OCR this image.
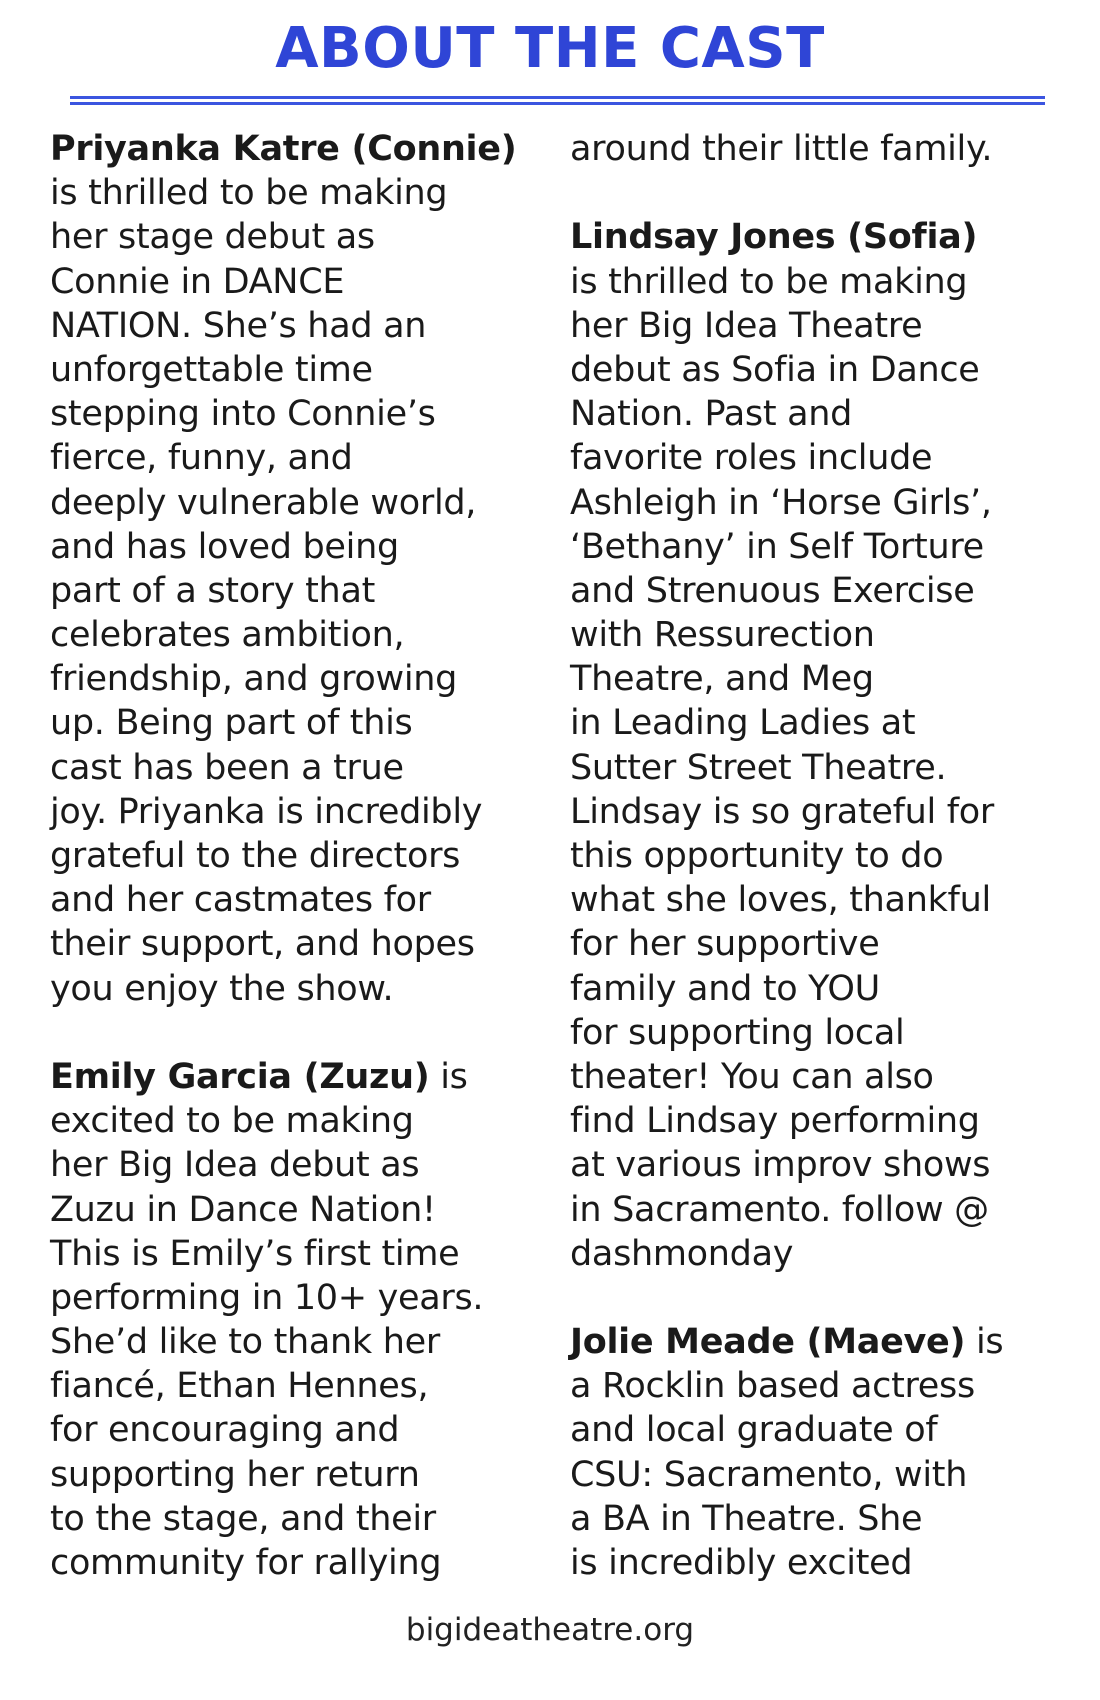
ABOUT THE CAST
Priyanka Katre (Connie)
is thrilled to be making
her stage debut as
Connie in DANCE
NATION. She’s had an
unforgettable time
stepping into Connie’s
fierce, funny, and
deeply vulnerable world,
and has loved being
part of a story that
celebrates ambition,
friendship, and growing
up. Being part of this
cast has been a true
joy. Priyanka is incredibly
grateful to the directors
and her castmates for
their support, and hopes
you enjoy the show.
Emily Garcia (Zuzu) is
excited to be making
her Big Idea debut as
Zuzu in Dance Nation!
This is Emily’s first time
performing in 10+ years.
She’d like to thank her
fiancé, Ethan Hennes,
for encouraging and
supporting her return
to the stage, and their
community for rallying
around their little family.
Lindsay Jones (Sofia)
is thrilled to be making
her Big Idea Theatre
debut as Sofia in Dance
Nation. Past and
favorite roles include
Ashleigh in ‘Horse Girls’,
‘Bethany’ in Self Torture
and Strenuous Exercise
with Ressurection
Theatre, and Meg
in Leading Ladies at
Sutter Street Theatre.
Lindsay is so grateful for
this opportunity to do
what she loves, thankful
for her supportive
family and to YOU
for supporting local
theater! You can also
find Lindsay performing
at various improv shows
in Sacramento. follow @
dashmonday
Jolie Meade (Maeve) is
a Rocklin based actress
and local graduate of
CSU: Sacramento, with
a BA in Theatre. She
is incredibly excited
bigideatheatre.org
